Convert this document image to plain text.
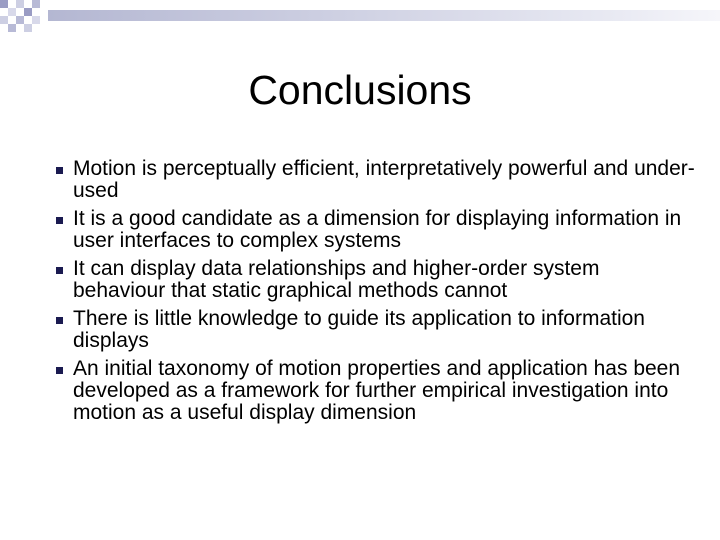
Conclusions
Motion is perceptually efficient, interpretatively powerful and under-used
It is a good candidate as a dimension for displaying information in user interfaces to complex systems
It can display data relationships and higher-order system behaviour that static graphical methods cannot
There is little knowledge to guide its application to information displays
An initial taxonomy of motion properties and application has been developed as a framework for further empirical investigation into motion as a useful display dimension
